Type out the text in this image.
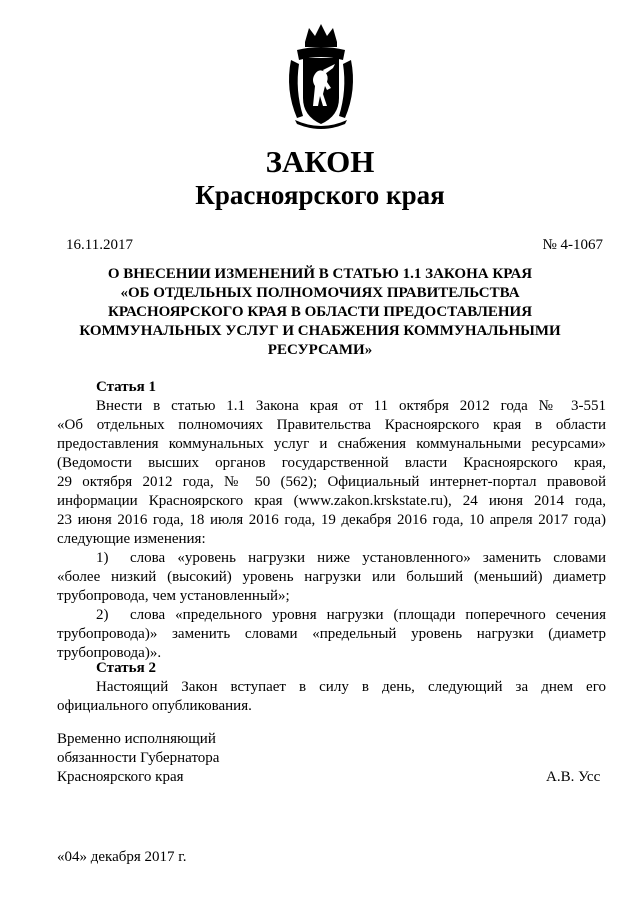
ЗАКОН
Красноярского края
16.11.2017	№ 4-1067
О ВНЕСЕНИИ ИЗМЕНЕНИЙ В СТАТЬЮ 1.1 ЗАКОНА КРАЯ
«ОБ ОТДЕЛЬНЫХ ПОЛНОМОЧИЯХ ПРАВИТЕЛЬСТВА
КРАСНОЯРСКОГО КРАЯ В ОБЛАСТИ ПРЕДОСТАВЛЕНИЯ
КОММУНАЛЬНЫХ УСЛУГ И СНАБЖЕНИЯ КОММУНАЛЬНЫМИ
РЕСУРСАМИ»
Статья 1
Внести в статью 1.1 Закона края от 11 октября 2012 года № 3-551
«Об отдельных полномочиях Правительства Красноярского края в области
предоставления коммунальных услуг и снабжения коммунальными ресурсами»
(Ведомости высших органов государственной власти Красноярского края,
29 октября 2012 года, № 50 (562); Официальный интернет-портал правовой
информации Красноярского края (www.zakon.krskstate.ru), 24 июня 2014 года,
23 июня 2016 года, 18 июля 2016 года, 19 декабря 2016 года, 10 апреля 2017 года)
следующие изменения:
1) слова «уровень нагрузки ниже установленного» заменить словами
«более низкий (высокий) уровень нагрузки или больший (меньший) диаметр
трубопровода, чем установленный»;
2) слова «предельного уровня нагрузки (площади поперечного сечения
трубопровода)» заменить словами «предельный уровень нагрузки (диаметр
трубопровода)».
Статья 2
Настоящий Закон вступает в силу в день, следующий за днем его
официального опубликования.
Временно исполняющий
обязанности Губернатора
Красноярского края	А.В. Усс
«04» декабря 2017 г.
